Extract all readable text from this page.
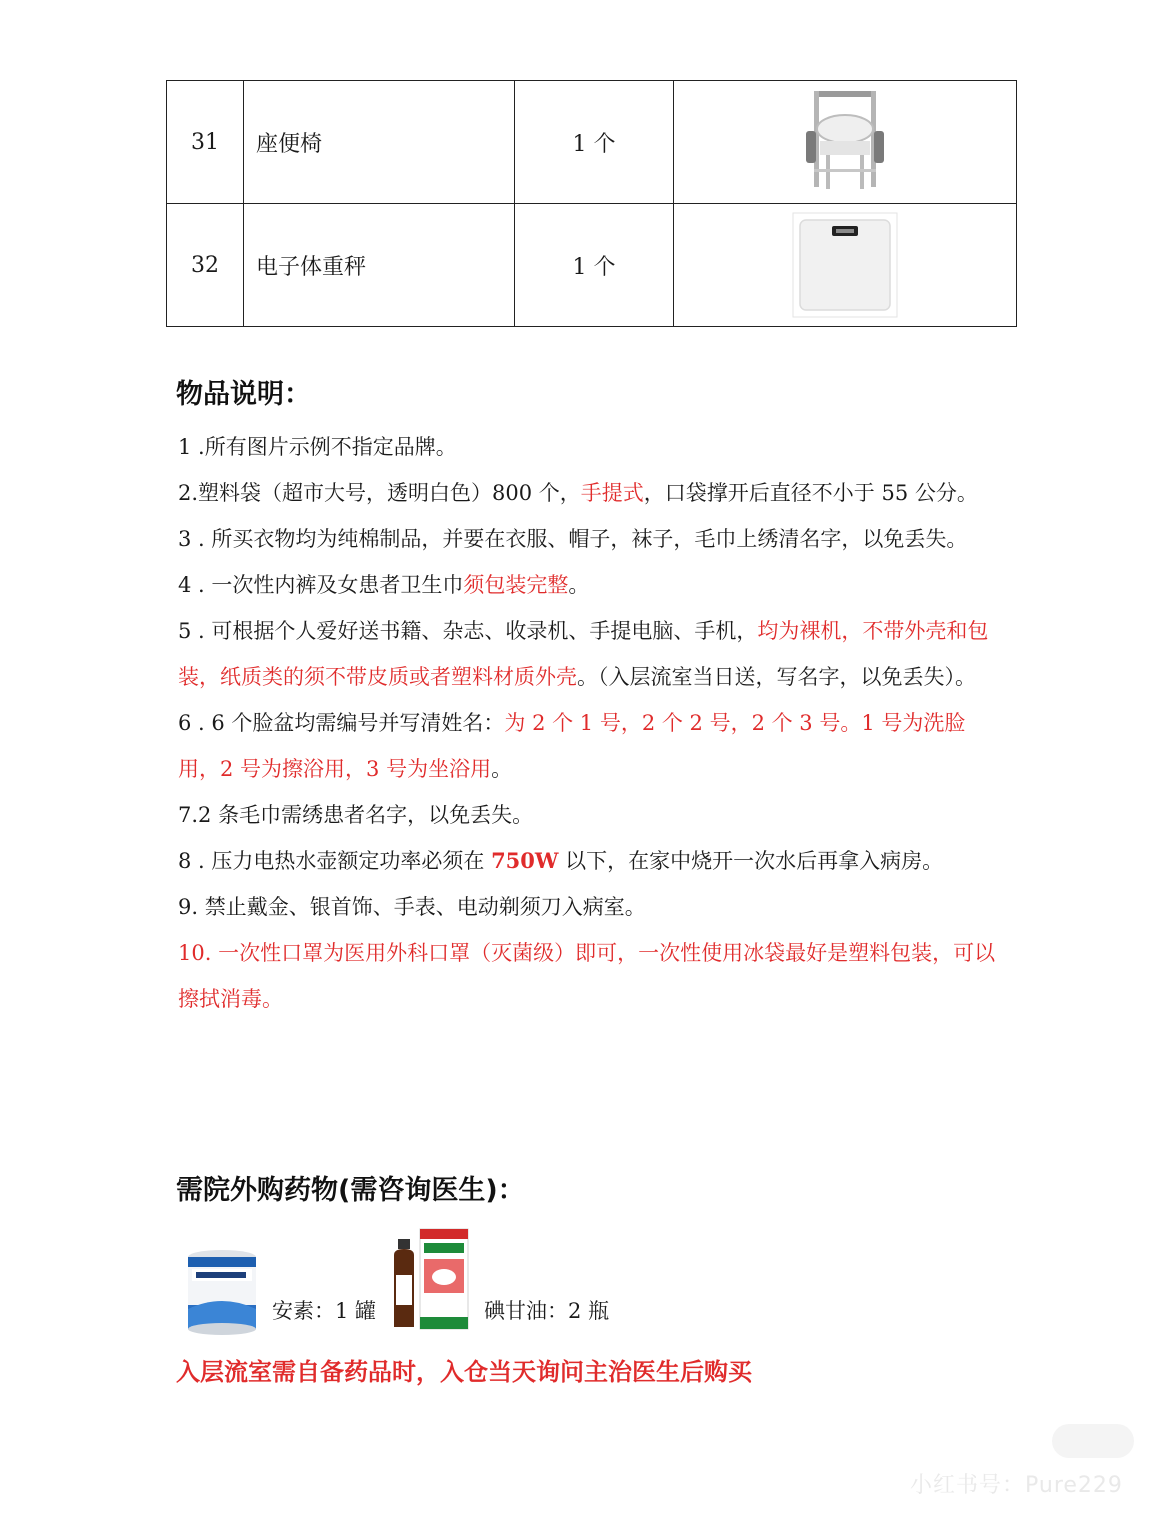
31	座便椅	1 个	

32	电子体重秤	1 个	
物品说明：

1 .所有图片示例不指定品牌。

2.塑料袋（超市大号，透明白色）800 个，手提式，口袋撑开后直径不小于 55 公分。

3 . 所买衣物均为纯棉制品，并要在衣服、帽子，袜子，毛巾上绣清名字，以免丢失。

4 . 一次性内裤及女患者卫生巾须包装完整。

5 . 可根据个人爱好送书籍、杂志、收录机、手提电脑、手机，均为裸机，不带外壳和包装，纸质类的须不带皮质或者塑料材质外壳。（入层流室当日送，写名字，以免丢失）。

6 . 6 个脸盆均需编号并写清姓名：为 2 个 1 号，2 个 2 号，2 个 3 号。1 号为洗脸用，2 号为擦浴用，3 号为坐浴用。

7.2 条毛巾需绣患者名字，以免丢失。

8 . 压力电热水壶额定功率必须在 750W 以下，在家中烧开一次水后再拿入病房。

9. 禁止戴金、银首饰、手表、电动剃须刀入病室。

10. 一次性口罩为医用外科口罩（灭菌级）即可，一次性使用冰袋最好是塑料包装，可以擦拭消毒。

需院外购药物(需咨询医生)：
安素：1 罐	碘甘油：2 瓶

入层流室需自备药品时，入仓当天询问主治医生后购买

小红书号：Pure229
